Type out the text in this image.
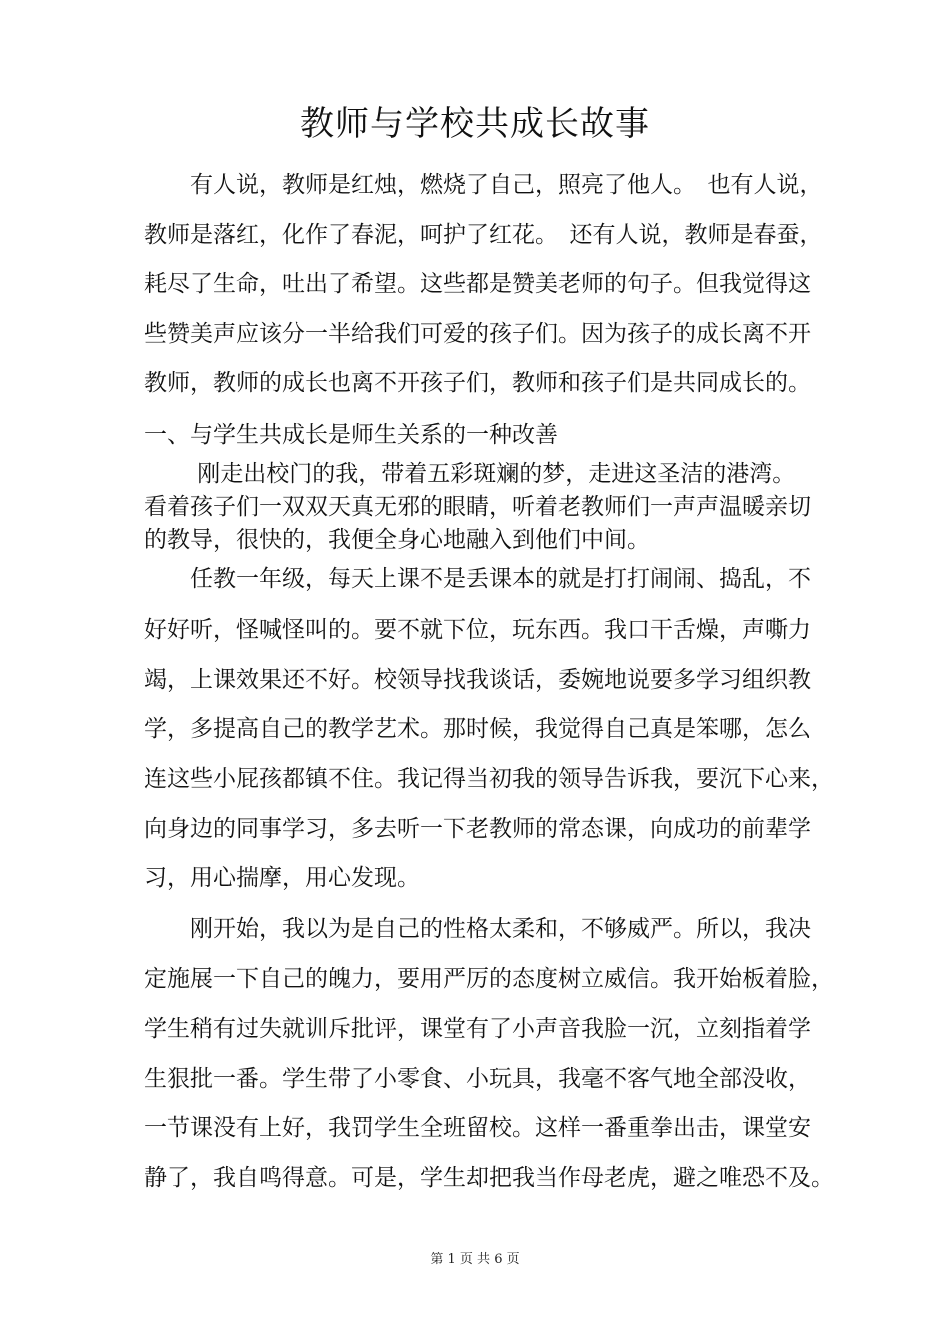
教师与学校共成长故事
　　有人说，教师是红烛，燃烧了自己，照亮了他人。　也有人说，
教师是落红，化作了春泥，呵护了红花。　还有人说，教师是春蚕，
耗尽了生命，吐出了希望。这些都是赞美老师的句子。但我觉得这
些赞美声应该分一半给我们可爱的孩子们。因为孩子的成长离不开
教师，教师的成长也离不开孩子们，教师和孩子们是共同成长的。
一、与学生共成长是师生关系的一种改善
　　 刚走出校门的我，带着五彩斑斓的梦，走进这圣洁的港湾。
看着孩子们一双双天真无邪的眼睛，听着老教师们一声声温暖亲切
的教导，很快的，我便全身心地融入到他们中间。
　　任教一年级，每天上课不是丢课本的就是打打闹闹、捣乱，不
好好听，怪喊怪叫的。要不就下位，玩东西。我口干舌燥，声嘶力
竭，上课效果还不好。校领导找我谈话，委婉地说要多学习组织教
学，多提高自己的教学艺术。那时候，我觉得自己真是笨哪，怎么
连这些小屁孩都镇不住。我记得当初我的领导告诉我，要沉下心来，
向身边的同事学习，多去听一下老教师的常态课，向成功的前辈学
习，用心揣摩，用心发现。
　　刚开始，我以为是自己的性格太柔和，不够威严。所以，我决
定施展一下自己的魄力，要用严厉的态度树立威信。我开始板着脸，
学生稍有过失就训斥批评，课堂有了小声音我脸一沉，立刻指着学
生狠批一番。学生带了小零食、小玩具，我毫不客气地全部没收，
一节课没有上好，我罚学生全班留校。这样一番重拳出击，课堂安
静了，我自鸣得意。可是，学生却把我当作母老虎，避之唯恐不及。
第 1 页 共 6 页
